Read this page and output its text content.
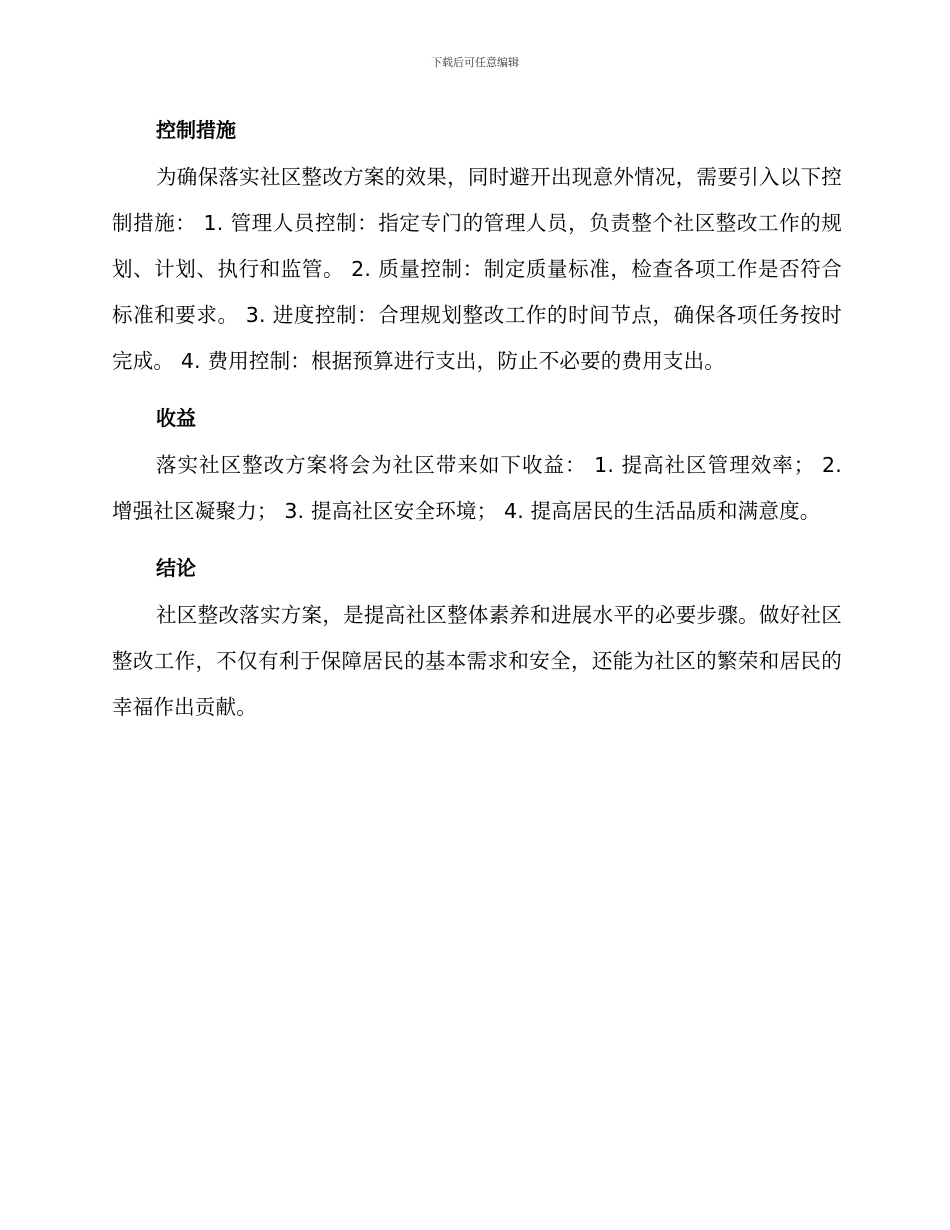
下载后可任意编辑
控制措施

为确保落实社区整改方案的效果，同时避开出现意外情况，需要引入以下控制措施： 1. 管理人员控制：指定专门的管理人员，负责整个社区整改工作的规划、计划、执行和监管。 2. 质量控制：制定质量标准，检查各项工作是否符合标准和要求。 3. 进度控制：合理规划整改工作的时间节点，确保各项任务按时完成。 4. 费用控制：根据预算进行支出，防止不必要的费用支出。

收益

落实社区整改方案将会为社区带来如下收益： 1. 提高社区管理效率； 2. 增强社区凝聚力； 3. 提高社区安全环境； 4. 提高居民的生活品质和满意度。

结论

社区整改落实方案，是提高社区整体素养和进展水平的必要步骤。做好社区整改工作，不仅有利于保障居民的基本需求和安全，还能为社区的繁荣和居民的幸福作出贡献。
